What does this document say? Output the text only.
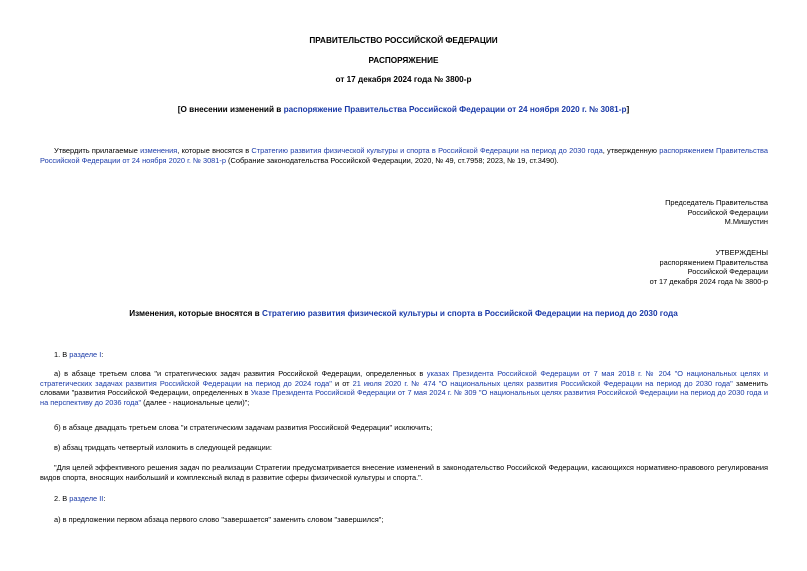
ПРАВИТЕЛЬСТВО РОССИЙСКОЙ ФЕДЕРАЦИИ
РАСПОРЯЖЕНИЕ
от 17 декабря 2024 года № 3800-р
[О внесении изменений в распоряжение Правительства Российской Федерации от 24 ноября 2020 г. № 3081-р]
Утвердить прилагаемые изменения, которые вносятся в Стратегию развития физической культуры и спорта в Российской Федерации на период до 2030 года, утвержденную распоряжением Правительства Российской Федерации от 24 ноября 2020 г. № 3081-р (Собрание законодательства Российской Федерации, 2020, № 49, ст.7958; 2023, № 19, ст.3490).
Председатель Правительства
Российской Федерации
М.Мишустин
УТВЕРЖДЕНЫ
распоряжением Правительства
Российской Федерации
от 17 декабря 2024 года № 3800-р
Изменения, которые вносятся в Стратегию развития физической культуры и спорта в Российской Федерации на период до 2030 года
1. В разделе I:
а) в абзаце третьем слова "и стратегических задач развития Российской Федерации, определенных в указах Президента Российской Федерации от 7 мая 2018 г. № 204 "О национальных целях и стратегических задачах развития Российской Федерации на период до 2024 года" и от 21 июля 2020 г. № 474 "О национальных целях развития Российской Федерации на период до 2030 года" заменить словами "развития Российской Федерации, определенных в Указе Президента Российской Федерации от 7 мая 2024 г. № 309 "О национальных целях развития Российской Федерации на период до 2030 года и на перспективу до 2036 года" (далее - национальные цели)";
б) в абзаце двадцать третьем слова "и стратегическим задачам развития Российской Федерации" исключить;
в) абзац тридцать четвертый изложить в следующей редакции:
"Для целей эффективного решения задач по реализации Стратегии предусматривается внесение изменений в законодательство Российской Федерации, касающихся нормативно-правового регулирования видов спорта, вносящих наибольший и комплексный вклад в развитие сферы физической культуры и спорта.".
2. В разделе II:
а) в предложении первом абзаца первого слово "завершается" заменить словом "завершился";
